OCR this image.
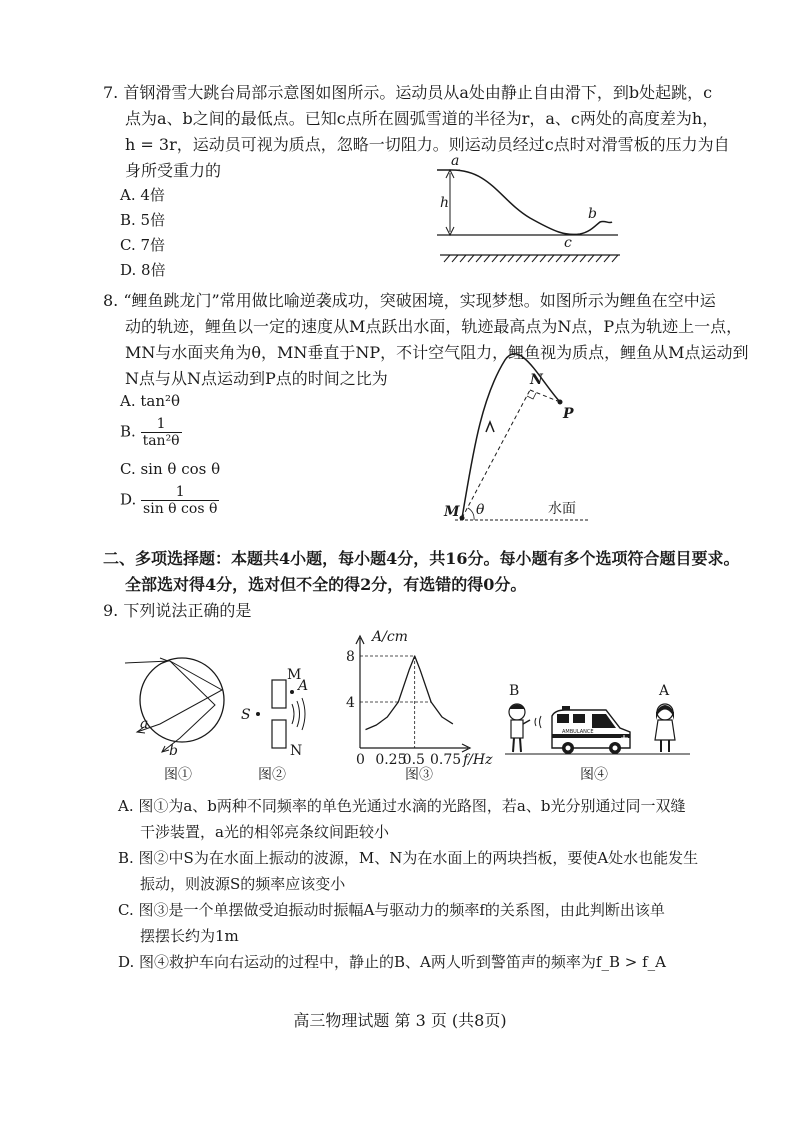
7. 首钢滑雪大跳台局部示意图如图所示。运动员从a处由静止自由滑下，到b处起跳，c
点为a、b之间的最低点。已知c点所在圆弧雪道的半径为r，a、c两处的高度差为h，
h = 3r，运动员可视为质点，忽略一切阻力。则运动员经过c点时对滑雪板的压力为自
身所受重力的
A. 4倍
B. 5倍
C. 7倍
D. 8倍
a
h
b
c
8. “鲤鱼跳龙门”常用做比喻逆袭成功，突破困境，实现梦想。如图所示为鲤鱼在空中运
动的轨迹，鲤鱼以一定的速度从M点跃出水面，轨迹最高点为N点，P点为轨迹上一点，
MN与水面夹角为θ，MN垂直于NP，不计空气阻力，鲤鱼视为质点，鲤鱼从M点运动到
N点与从N点运动到P点的时间之比为
A. tan²θ
B. $\frac{1}{\text{tan²θ}}$
C. sin θ cos θ
D. $\frac{1}{\text{sin θ cos θ}}$	M
N
P
θ	水面
二、多项选择题：本题共4小题，每小题4分，共16分。每小题有多个选项符合题目要求。
全部选对得4分，选对但不全的得2分，有选错的得0分。
9. 下列说法正确的是
a
b
S
M
A
N
4
8
0 0.25
0.5 0.75
A/cm
f/Hz
AMBULANCE
B	A
图①	图②	图③	图④
A. 图①为a、b两种不同频率的单色光通过水滴的光路图，若a、b光分别通过同一双缝
干涉装置，a光的相邻亮条纹间距较小
B. 图②中S为在水面上振动的波源，M、N为在水面上的两块挡板，要使A处水也能发生
振动，则波源S的频率应该变小
C. 图③是一个单摆做受迫振动时振幅A与驱动力的频率f的关系图，由此判断出该单
摆摆长约为1m
D. 图④救护车向右运动的过程中，静止的B、A两人听到警笛声的频率为f_B > f_A
高三物理试题 第 3 页 (共8页)
